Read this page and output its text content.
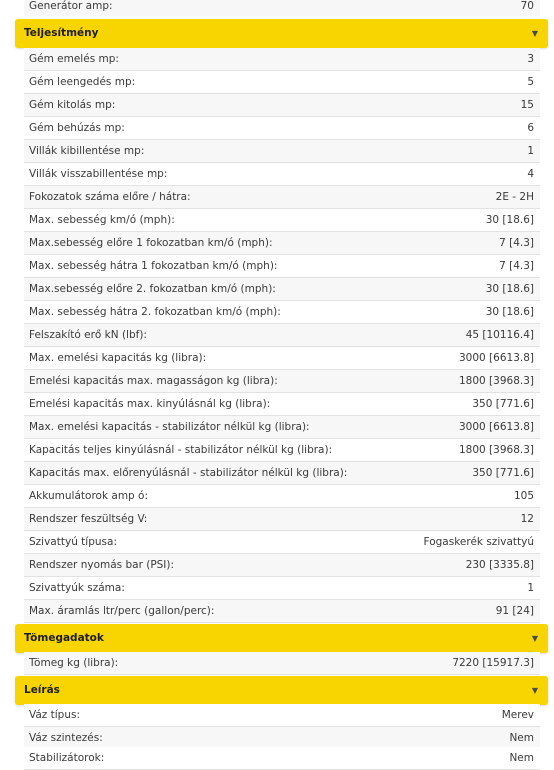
Generátor amp:	70
Teljesítmény	▼
Gém emelés mp:	3
Gém leengedés mp:	5
Gém kitolás mp:	15
Gém behúzás mp:	6
Villák kibillentése mp:	1
Villák visszabillentése mp:	4
Fokozatok száma előre / hátra:	2E - 2H
Max. sebesség km/ó (mph):	30 [18.6]
Max.sebesség előre 1 fokozatban km/ó (mph):	7 [4.3]
Max. sebesség hátra 1 fokozatban km/ó (mph):	7 [4.3]
Max.sebesség előre 2. fokozatban km/ó (mph):	30 [18.6]
Max. sebesség hátra 2. fokozatban km/ó (mph):	30 [18.6]
Felszakító erő kN (lbf):	45 [10116.4]
Max. emelési kapacitás kg (libra):	3000 [6613.8]
Emelési kapacitás max. magasságon kg (libra):	1800 [3968.3]
Emelési kapacitás max. kinyúlásnál kg (libra):	350 [771.6]
Max. emelési kapacitás - stabilizátor nélkül kg (libra):	3000 [6613.8]
Kapacitás teljes kinyúlásnál - stabilizátor nélkül kg (libra):	1800 [3968.3]
Kapacitás max. előrenyúlásnál - stabilizátor nélkül kg (libra):	350 [771.6]
Akkumulátorok amp ó:	105
Rendszer feszültség V:	12
Szivattyú típusa:	Fogaskerék szivattyú
Rendszer nyomás bar (PSI):	230 [3335.8]
Szivattyúk száma:	1
Max. áramlás ltr/perc (gallon/perc):	91 [24]
Tömegadatok	▼
Tömeg kg (libra):	7220 [15917.3]
Leírás	▼
Váz típus:	Merev
Váz szintezés:	Nem
Stabilizátorok:	Nem
